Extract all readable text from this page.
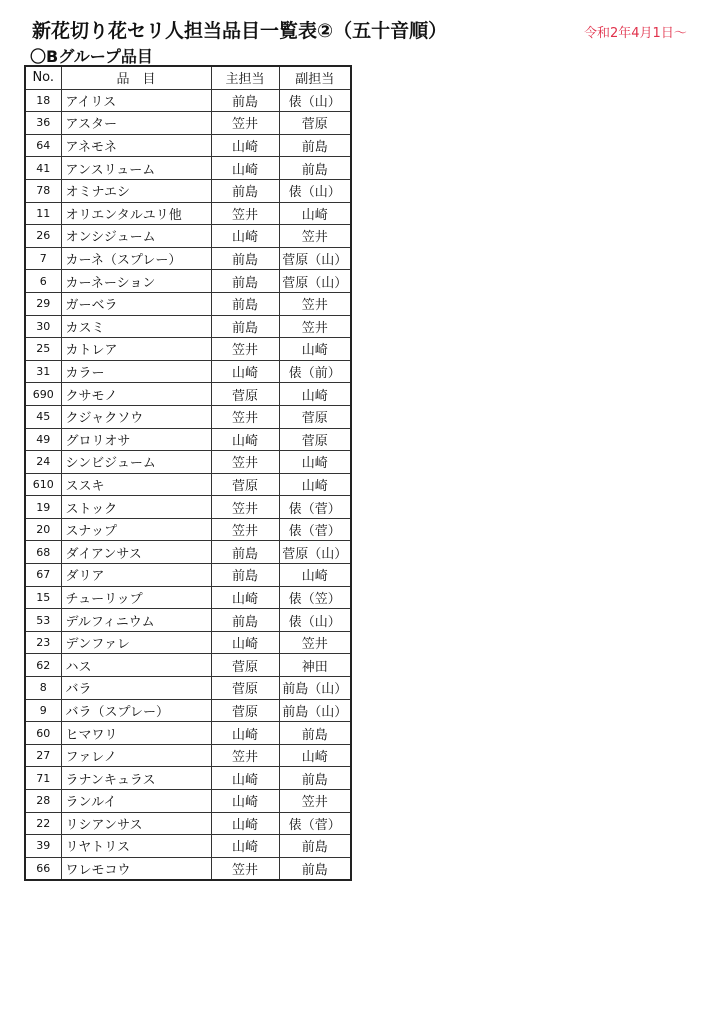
新花切り花セリ人担当品目一覧表②（五十音順）	令和2年4月1日～
〇Bグループ品目
No.	品　目	主担当	副担当
18	アイリス	前島	俵（山）
36	アスター	笠井	菅原
64	アネモネ	山崎	前島
41	アンスリューム	山崎	前島
78	オミナエシ	前島	俵（山）
11	オリエンタルユリ他	笠井	山崎
26	オンシジューム	山崎	笠井
7	カーネ（スプレー）	前島	菅原（山）
6	カーネーション	前島	菅原（山）
29	ガーベラ	前島	笠井
30	カスミ	前島	笠井
25	カトレア	笠井	山崎
31	カラー	山崎	俵（前）
690	クサモノ	菅原	山崎
45	クジャクソウ	笠井	菅原
49	グロリオサ	山崎	菅原
24	シンビジューム	笠井	山崎
610	ススキ	菅原	山崎
19	ストック	笠井	俵（菅）
20	スナップ	笠井	俵（菅）
68	ダイアンサス	前島	菅原（山）
67	ダリア	前島	山崎
15	チューリップ	山崎	俵（笠）
53	デルフィニウム	前島	俵（山）
23	デンファレ	山崎	笠井
62	ハス	菅原	神田
8	バラ	菅原	前島（山）
9	バラ（スプレー）	菅原	前島（山）
60	ヒマワリ	山崎	前島
27	ファレノ	笠井	山崎
71	ラナンキュラス	山崎	前島
28	ランルイ	山崎	笠井
22	リシアンサス	山崎	俵（菅）
39	リヤトリス	山崎	前島
66	ワレモコウ	笠井	前島
